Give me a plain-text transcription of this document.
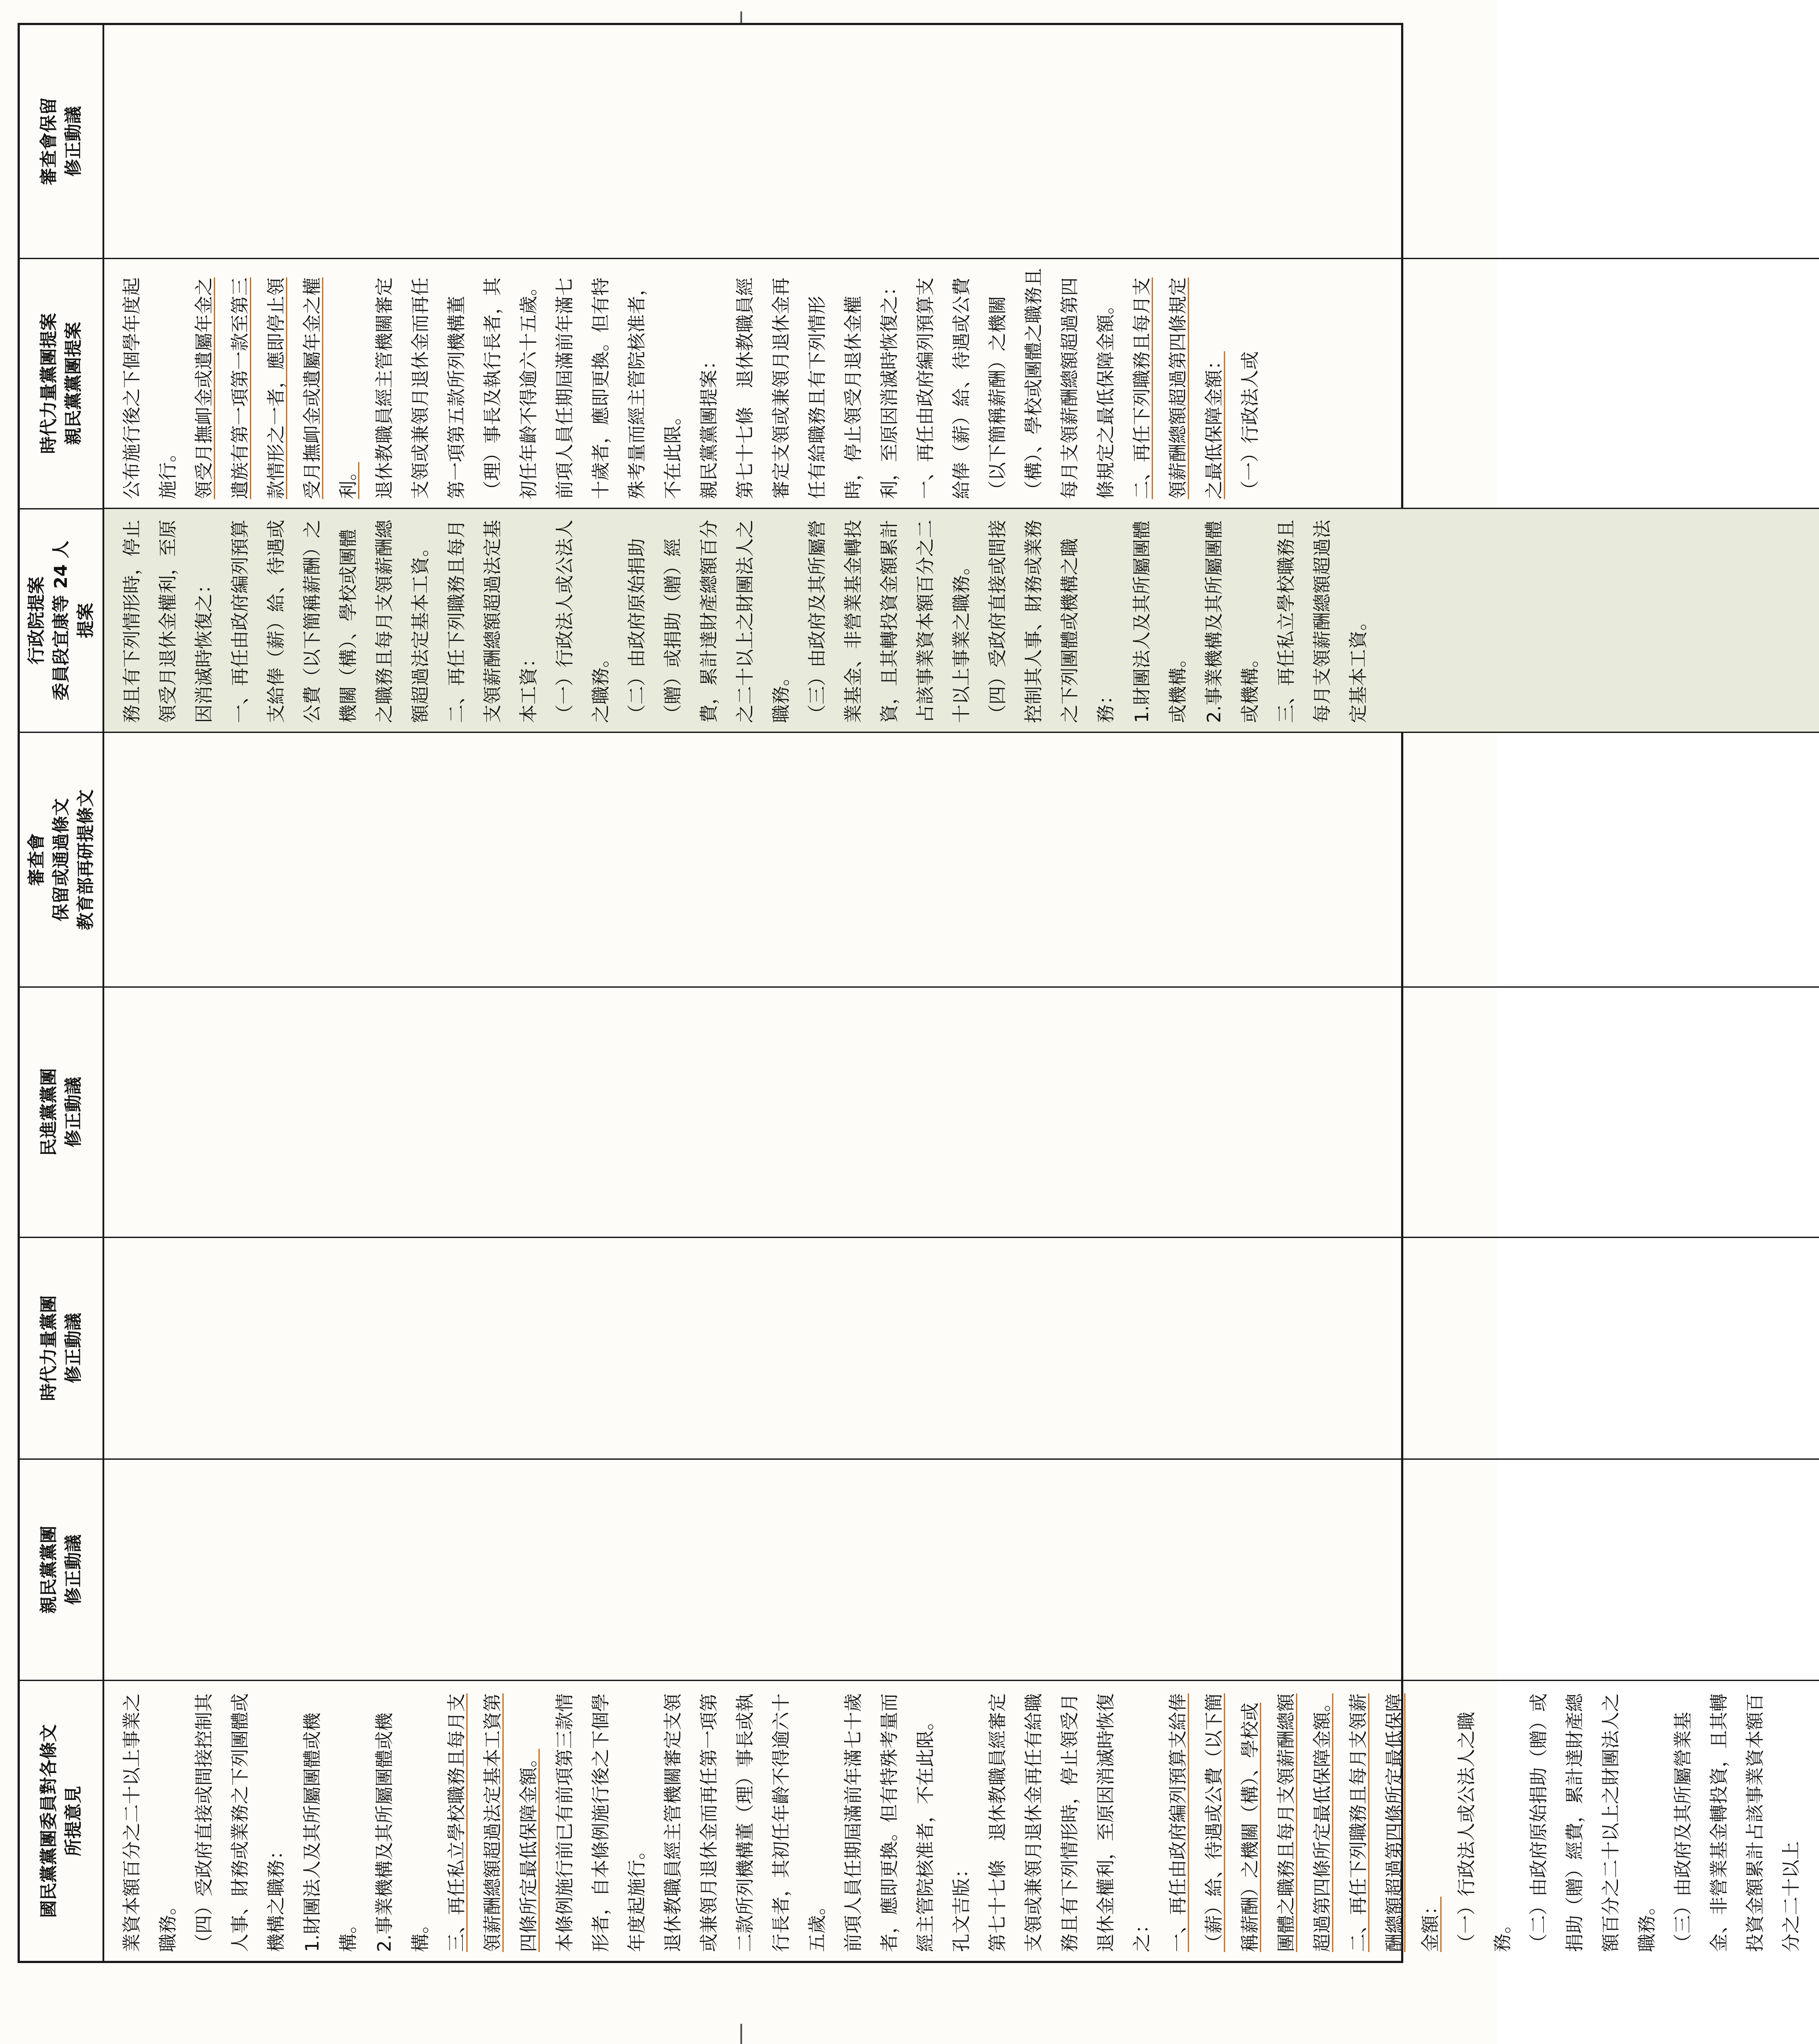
國民黨黨團委員對各條文 所提意見
親民黨黨團 修正動議
時代力量黨團 修正動議
民進黨黨團 修正動議
審查會 保留或通過條文 教育部再研提條文
行政院提案 委員段宜康等 24 人 提案
時代力量黨團提案 親民黨黨團提案
審查會保留 修正動議

業資本額百分之二十以上事業之職務。 （四）受政府直接或間接控制其人事、財務或業務之下列團體或機構之職務： 1.財團法人及其所屬團體或機構。 2.事業機構及其所屬團體或機構。 三、再任私立學校職務且每月支領薪酬總額超過法定基本工資第四條所定最低保障金額。 本條例施行前已有前項第三款情形者，自本條例施行後之下個學年度起施行。 退休教職員經主管機關審定支領或兼領月退休金而再任第一項第二款所列機構董（理）事長或執行長者，其初任年齡不得逾六十五歲。 前項人員任期屆滿前年滿七十歲者，應即更換。但有特殊考量而經主管院核准者，不在此限。 孔文吉版： 第七十七條　退休教職員經審定支領或兼領月退休金再任有給職務且有下列情形時，停止領受月退休金權利，至原因消滅時恢復之： 一、再任由政府編列預算支給俸（薪）給、待遇或公費（以下簡稱薪酬）之機關（構）、學校或團體之職務且每月支領薪酬總額超過第四條所定最低保障金額。 二、再任下列職務且每月支領薪酬總額超過第四條所定最低保障金額： （一）行政法人或公法人之職務。 （二）由政府原始捐助（贈）或捐助（贈）經費，累計達財產總額百分之二十以上之財團法人之職務。 （三）由政府及其所屬營業基金、非營業基金轉投資，且其轉投資金額累計占該事業資本額百分之二十以上

務且有下列情形時，停止領受月退休金權利，至原因消滅時恢復之： 一、再任由政府編列預算支給俸（薪）給、待遇或公費（以下簡稱薪酬）之機關（構）、學校或團體之職務且每月支領薪酬總額超過法定基本工資。 二、再任下列職務且每月支領薪酬總額超過法定基本工資： （一）行政法人或公法人之職務。 （二）由政府原始捐助（贈）或捐助（贈）經費，累計達財產總額百分之二十以上之財團法人之職務。 （三）由政府及其所屬營業基金、非營業基金轉投資，且其轉投資金額累計占該事業資本額百分之二十以上事業之職務。 （四）受政府直接或間接控制其人事、財務或業務之下列團體或機構之職務： 1.財團法人及其所屬團體或機構。 2.事業機構及其所屬團體或機構。 三、再任私立學校職務且每月支領薪酬總額超過法定基本工資。

公布施行後之下個學年度起施行。 領受月撫卹金或遺屬年金之遺族有第一項第一款至第三款情形之一者，應即停止領受月撫卹金或遺屬年金之權利。 退休教職員經主管機關審定支領或兼領月退休金而再任第一項第五款所列機構董（理）事長及執行長者，其初任年齡不得逾六十五歲。 前項人員任期屆滿前年滿七十歲者，應即更換。但有特殊考量而經主管院核准者，不在此限。 親民黨黨團提案： 第七十七條　退休教職員經審定支領或兼領月退休金再任有給職務且有下列情形時，停止領受月退休金權利，至原因消滅時恢復之： 一、再任由政府編列預算支給俸（薪）給、待遇或公費（以下簡稱薪酬）之機關（構）、學校或團體之職務且每月支領薪酬總額超過第四條規定之最低保障金額。 二、再任下列職務且每月支領薪酬總額超過第四條規定之最低保障金額： （一）行政法人或
